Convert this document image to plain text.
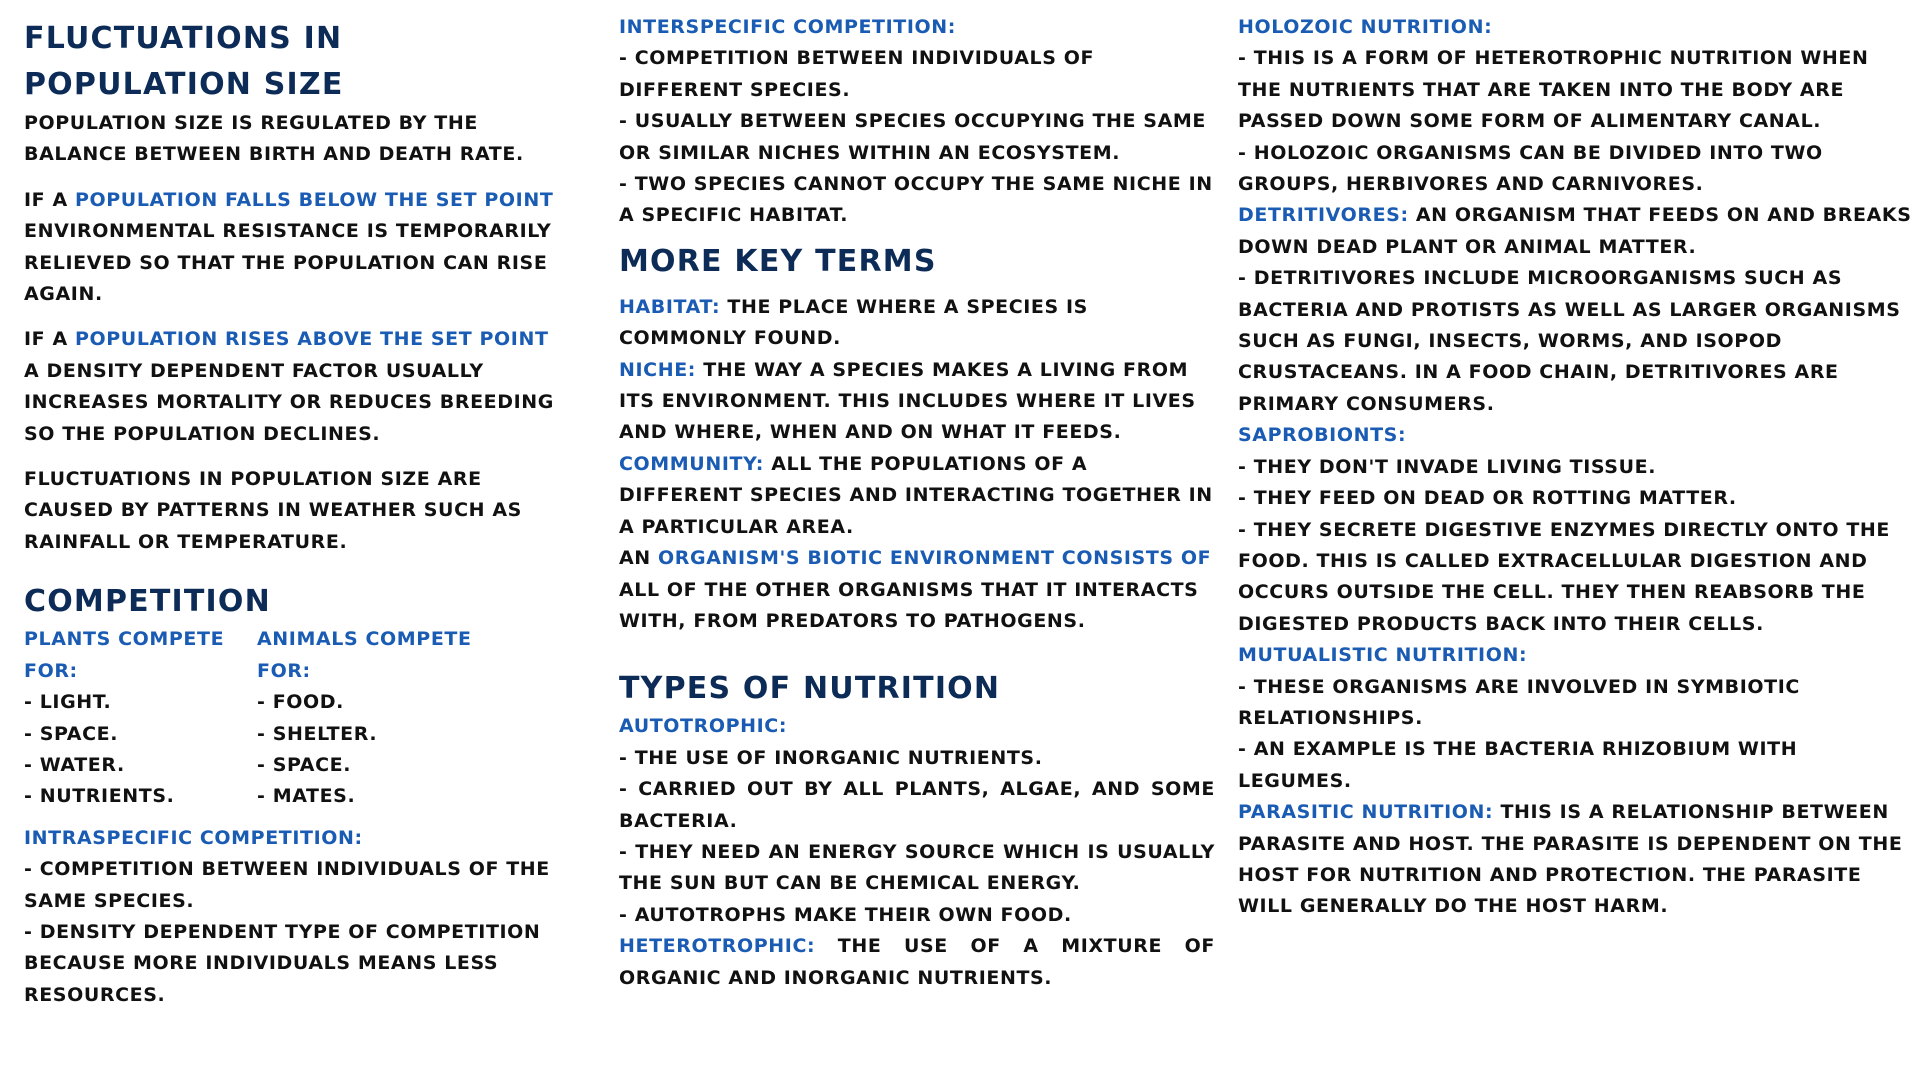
FLUCTUATIONS IN POPULATION SIZE

POPULATION SIZE IS REGULATED BY THE BALANCE BETWEEN BIRTH AND DEATH RATE.

IF A POPULATION FALLS BELOW THE SET POINT ENVIRONMENTAL RESISTANCE IS TEMPORARILY RELIEVED SO THAT THE POPULATION CAN RISE AGAIN.

IF A POPULATION RISES ABOVE THE SET POINT A DENSITY DEPENDENT FACTOR USUALLY INCREASES MORTALITY OR REDUCES BREEDING SO THE POPULATION DECLINES.

FLUCTUATIONS IN POPULATION SIZE ARE CAUSED BY PATTERNS IN WEATHER SUCH AS RAINFALL OR TEMPERATURE.

COMPETITION

PLANTS COMPETE FOR:

- LIGHT.

- SPACE.

- WATER.

- NUTRIENTS.

ANIMALS COMPETE FOR:

- FOOD.

- SHELTER.

- SPACE.

- MATES.

INTRASPECIFIC COMPETITION:

- COMPETITION BETWEEN INDIVIDUALS OF THE SAME SPECIES.

- DENSITY DEPENDENT TYPE OF COMPETITION BECAUSE MORE INDIVIDUALS MEANS LESS RESOURCES.

INTERSPECIFIC COMPETITION:

- COMPETITION BETWEEN INDIVIDUALS OF DIFFERENT SPECIES.

- USUALLY BETWEEN SPECIES OCCUPYING THE SAME OR SIMILAR NICHES WITHIN AN ECOSYSTEM.

- TWO SPECIES CANNOT OCCUPY THE SAME NICHE IN A SPECIFIC HABITAT.

MORE KEY TERMS

HABITAT: THE PLACE WHERE A SPECIES IS COMMONLY FOUND.

NICHE: THE WAY A SPECIES MAKES A LIVING FROM ITS ENVIRONMENT. THIS INCLUDES WHERE IT LIVES AND WHERE, WHEN AND ON WHAT IT FEEDS.

COMMUNITY: ALL THE POPULATIONS OF A DIFFERENT SPECIES AND INTERACTING TOGETHER IN A PARTICULAR AREA.

AN ORGANISM'S BIOTIC ENVIRONMENT CONSISTS OF ALL OF THE OTHER ORGANISMS THAT IT INTERACTS WITH, FROM PREDATORS TO PATHOGENS.

TYPES OF NUTRITION

AUTOTROPHIC:

- THE USE OF INORGANIC NUTRIENTS.

- CARRIED OUT BY ALL PLANTS, ALGAE, AND SOME BACTERIA.

- THEY NEED AN ENERGY SOURCE WHICH IS USUALLY THE SUN BUT CAN BE CHEMICAL ENERGY.

- AUTOTROPHS MAKE THEIR OWN FOOD.

HETEROTROPHIC: THE USE OF A MIXTURE OF ORGANIC AND INORGANIC NUTRIENTS.

HOLOZOIC NUTRITION:

- THIS IS A FORM OF HETEROTROPHIC NUTRITION WHEN THE NUTRIENTS THAT ARE TAKEN INTO THE BODY ARE PASSED DOWN SOME FORM OF ALIMENTARY CANAL.

- HOLOZOIC ORGANISMS CAN BE DIVIDED INTO TWO GROUPS, HERBIVORES AND CARNIVORES.

DETRITIVORES: AN ORGANISM THAT FEEDS ON AND BREAKS DOWN DEAD PLANT OR ANIMAL MATTER.

- DETRITIVORES INCLUDE MICROORGANISMS SUCH AS BACTERIA AND PROTISTS AS WELL AS LARGER ORGANISMS SUCH AS FUNGI, INSECTS, WORMS, AND ISOPOD CRUSTACEANS. IN A FOOD CHAIN, DETRITIVORES ARE PRIMARY CONSUMERS.

SAPROBIONTS:

- THEY DON'T INVADE LIVING TISSUE.

- THEY FEED ON DEAD OR ROTTING MATTER.

- THEY SECRETE DIGESTIVE ENZYMES DIRECTLY ONTO THE FOOD. THIS IS CALLED EXTRACELLULAR DIGESTION AND OCCURS OUTSIDE THE CELL. THEY THEN REABSORB THE DIGESTED PRODUCTS BACK INTO THEIR CELLS.

MUTUALISTIC NUTRITION:

- THESE ORGANISMS ARE INVOLVED IN SYMBIOTIC RELATIONSHIPS.

- AN EXAMPLE IS THE BACTERIA RHIZOBIUM WITH LEGUMES.

PARASITIC NUTRITION: THIS IS A RELATIONSHIP BETWEEN PARASITE AND HOST. THE PARASITE IS DEPENDENT ON THE HOST FOR NUTRITION AND PROTECTION. THE PARASITE WILL GENERALLY DO THE HOST HARM.
